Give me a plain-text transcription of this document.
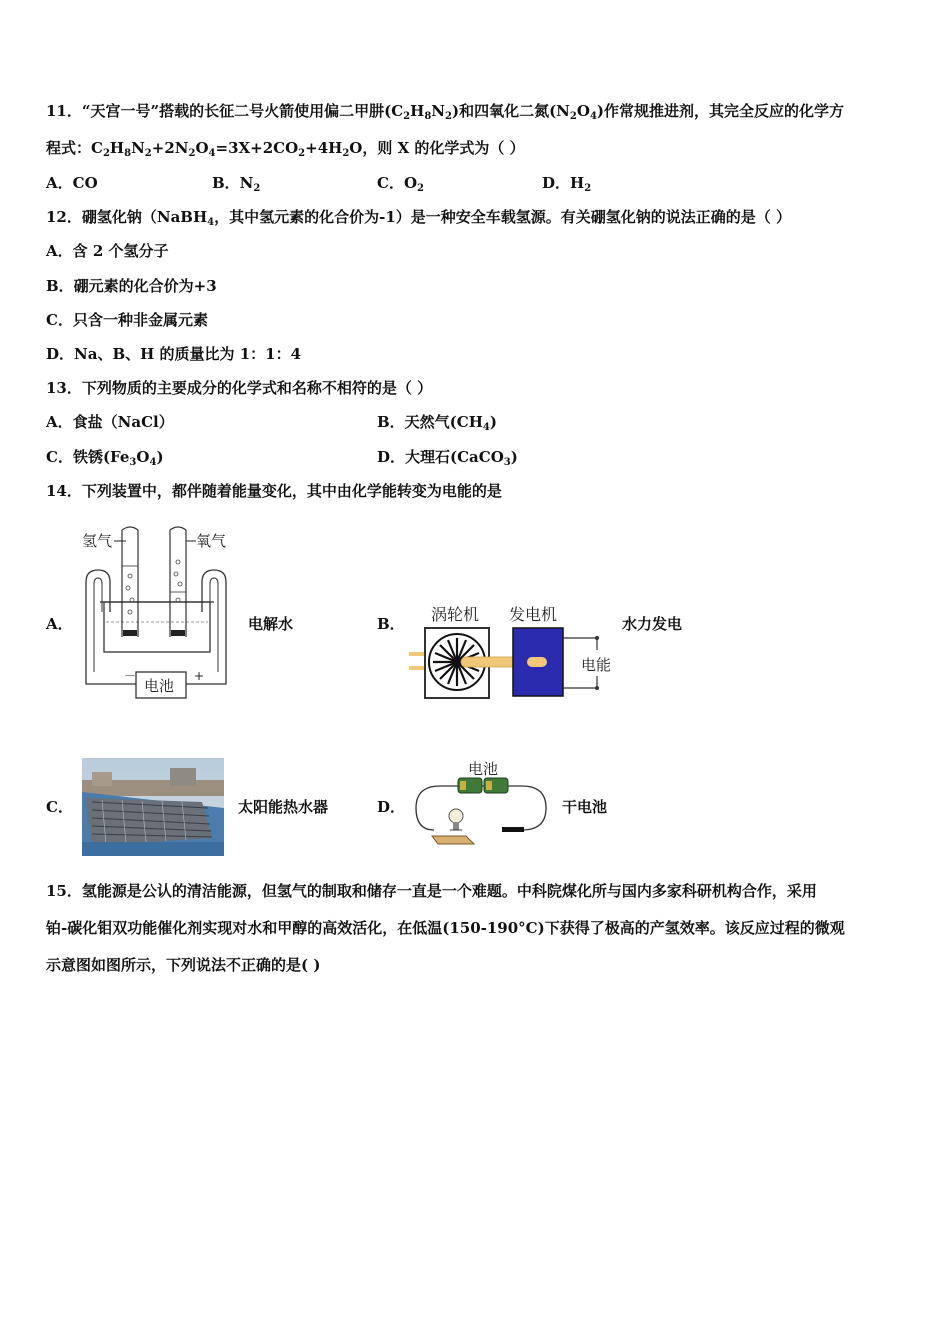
11．“天宫一号”搭载的长征二号火箭使用偏二甲肼$(C_2H_8N_2)$和四氧化二氮$(N_2O_4)$作常规推进剂，其完全反应的化学方
程式：$C_2H_8N_2+2N_2O_4=3X+2CO_2+4H_2O$，则 X 的化学式为（ ）
A．CO	B．$N_2$	C．$O_2$	D．$H_2$
12．硼氢化钠（NaBH$_4$，其中氢元素的化合价为-1）是一种安全车载氢源。有关硼氢化钠的说法正确的是（ ）
A．含 2 个氢分子
B．硼元素的化合价为+3
C．只含一种非金属元素
D．Na、B、H 的质量比为 1：1：4
13．下列物质的主要成分的化学式和名称不相符的是（ ）
A．食盐（NaCl）	B．天然气$(CH_4)$
C．铁锈$(Fe_3O_4)$	D．大理石(CaCO$_3$)
14．下列装置中，都伴随着能量变化，其中由化学能转变为电能的是
A．
氢气	氧气
－	+
电池
电解水	B． 涡轮机 发电机
电能
水力发电
C．	太阳能热水器	D．
电池
干电池
15．氢能源是公认的清洁能源，但氢气的制取和储存一直是一个难题。中科院煤化所与国内多家科研机构合作，采用
铂-碳化钼双功能催化剂实现对水和甲醇的高效活化，在低温(150-190°C)下获得了极高的产氢效率。该反应过程的微观
示意图如图所示，下列说法不正确的是( )
